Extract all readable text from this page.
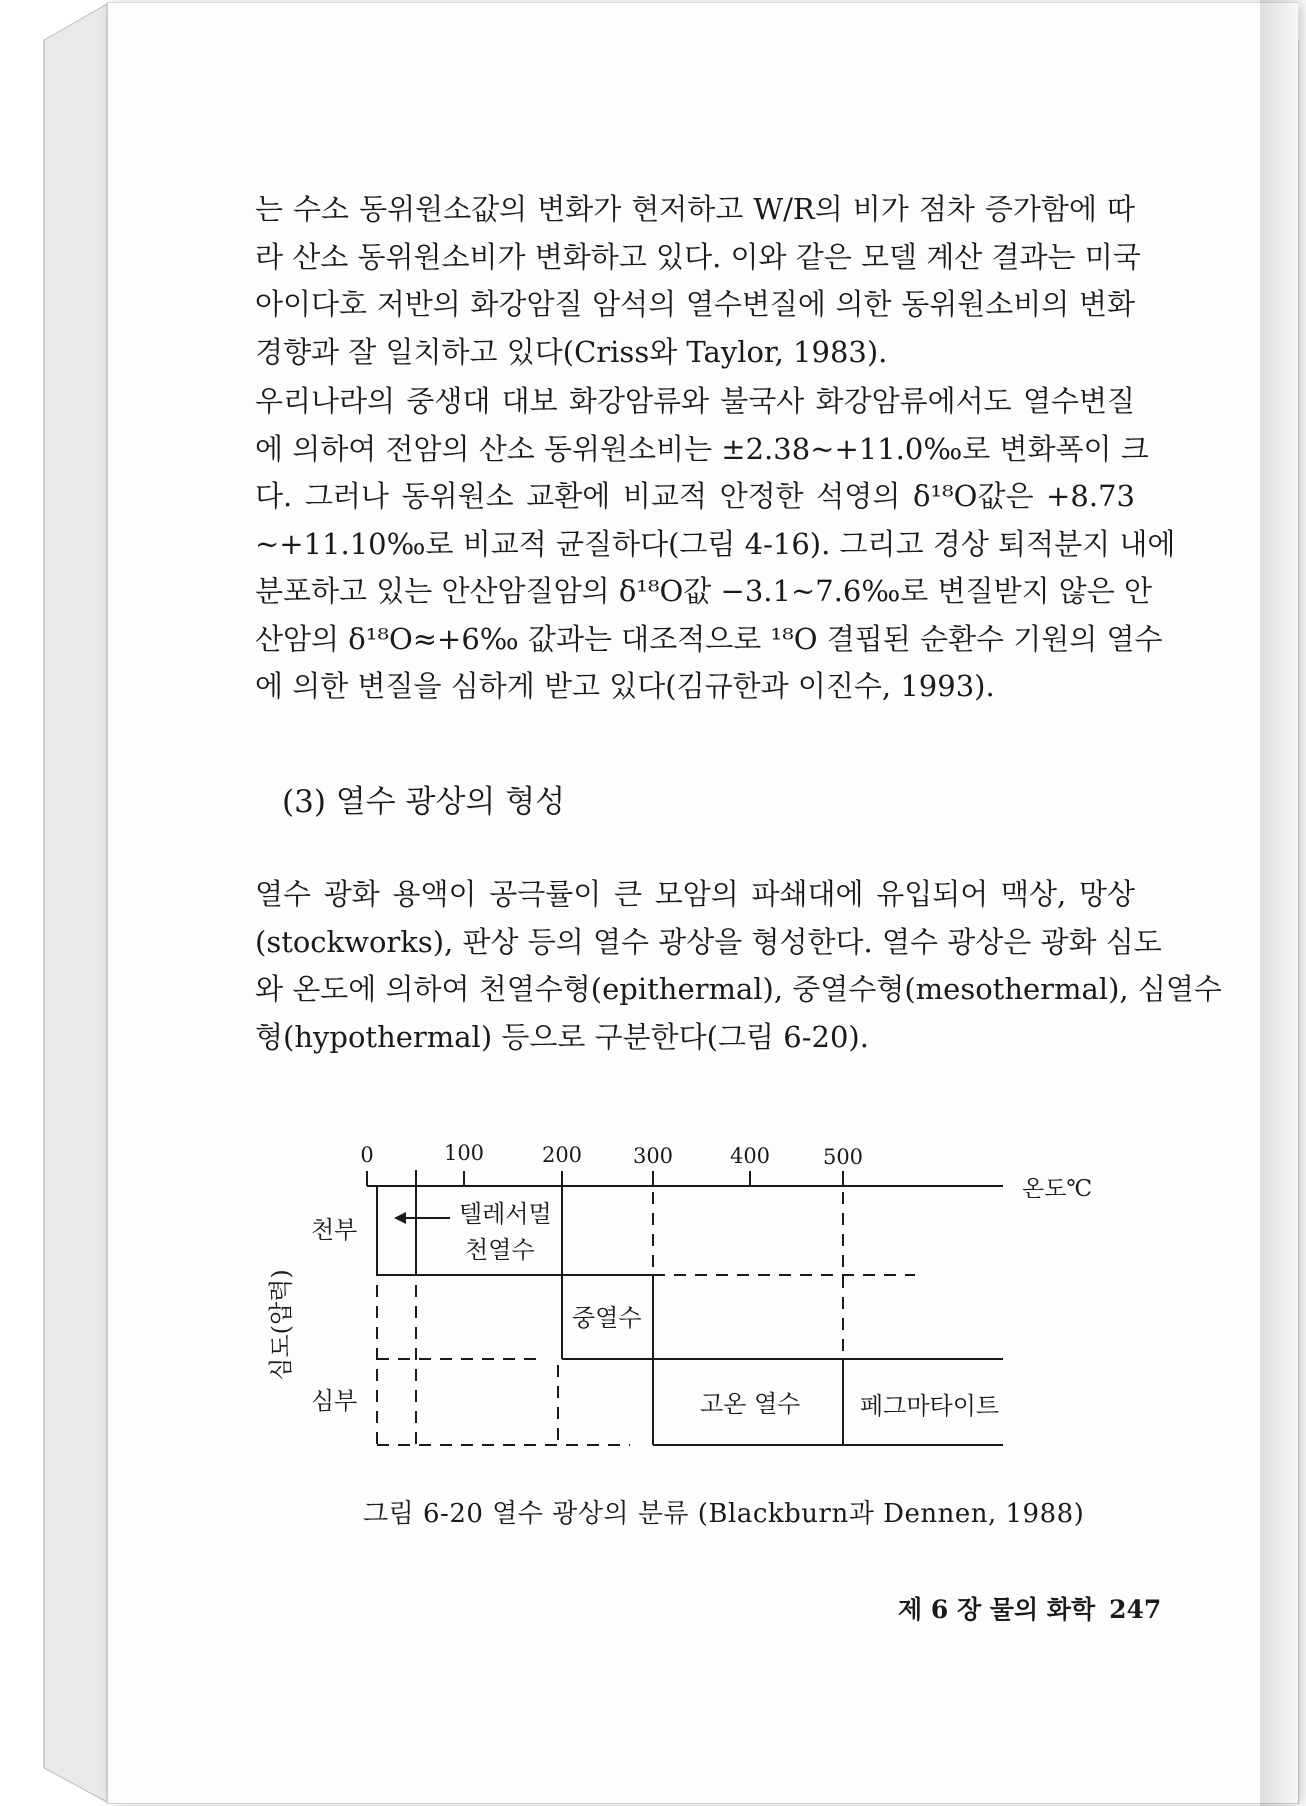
는 수소 동위원소값의 변화가 현저하고 W/R의 비가 점차 증가함에 따
라 산소 동위원소비가 변화하고 있다. 이와 같은 모델 계산 결과는 미국
아이다호 저반의 화강암질 암석의 열수변질에 의한 동위원소비의 변화
경향과 잘 일치하고 있다(Criss와 Taylor, 1983).
우리나라의 중생대 대보 화강암류와 불국사 화강암류에서도 열수변질
에 의하여 전암의 산소 동위원소비는 ±2.38~+11.0‰로 변화폭이 크
다. 그러나 동위원소 교환에 비교적 안정한 석영의 δ¹⁸O값은 +8.73
~+11.10‰로 비교적 균질하다(그림 4-16). 그리고 경상 퇴적분지 내에
분포하고 있는 안산암질암의 δ¹⁸O값 −3.1~7.6‰로 변질받지 않은 안
산암의 δ¹⁸O≈+6‰ 값과는 대조적으로 ¹⁸O 결핍된 순환수 기원의 열수
에 의한 변질을 심하게 받고 있다(김규한과 이진수, 1993).
(3) 열수 광상의 형성
열수 광화 용액이 공극률이 큰 모암의 파쇄대에 유입되어 맥상, 망상
(stockworks), 판상 등의 열수 광상을 형성한다. 열수 광상은 광화 심도
와 온도에 의하여 천열수형(epithermal), 중열수형(mesothermal), 심열수
형(hypothermal) 등으로 구분한다(그림 6-20).
0	100	200 300	400	500
온도℃
심도(압력)
천부
심부
텔레서멀
천열수
중열수
고온 열수 페그마타이트
그림 6-20 열수 광상의 분류 (Blackburn과 Dennen, 1988)
제 6 장 물의 화학 247
